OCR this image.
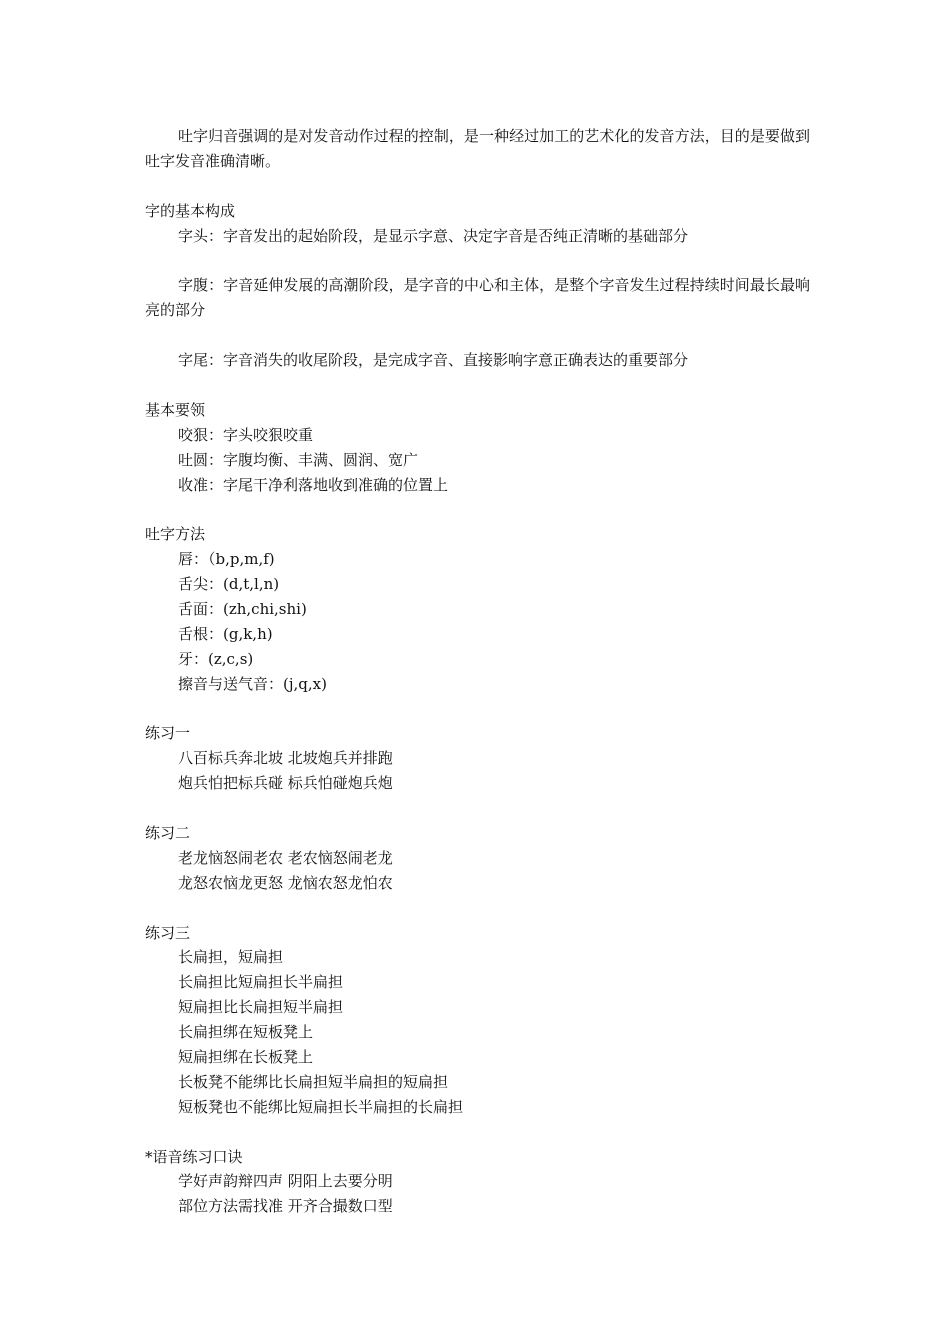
吐字归音强调的是对发音动作过程的控制，是一种经过加工的艺术化的发音方法，目的是要做到吐字发音准确清晰。
字的基本构成
字头：字音发出的起始阶段，是显示字意、决定字音是否纯正清晰的基础部分
字腹：字音延伸发展的高潮阶段，是字音的中心和主体，是整个字音发生过程持续时间最长最响亮的部分
字尾：字音消失的收尾阶段，是完成字音、直接影响字意正确表达的重要部分
基本要领
咬狠：字头咬狠咬重
吐圆：字腹均衡、丰满、圆润、宽广
收准：字尾干净利落地收到准确的位置上
吐字方法
唇：（b,p,m,f)
舌尖：(d,t,l,n)
舌面：(zh,chi,shi)
舌根：(g,k,h)
牙：(z,c,s)
擦音与送气音：(j,q,x)
练习一
八百标兵奔北坡 北坡炮兵并排跑
炮兵怕把标兵碰 标兵怕碰炮兵炮
练习二
老龙恼怒闹老农 老农恼怒闹老龙
龙怒农恼龙更怒 龙恼农怒龙怕农
练习三
长扁担，短扁担
长扁担比短扁担长半扁担
短扁担比长扁担短半扁担
长扁担绑在短板凳上
短扁担绑在长板凳上
长板凳不能绑比长扁担短半扁担的短扁担
短板凳也不能绑比短扁担长半扁担的长扁担
*语音练习口诀
学好声韵辩四声 阴阳上去要分明
部位方法需找准 开齐合撮数口型
